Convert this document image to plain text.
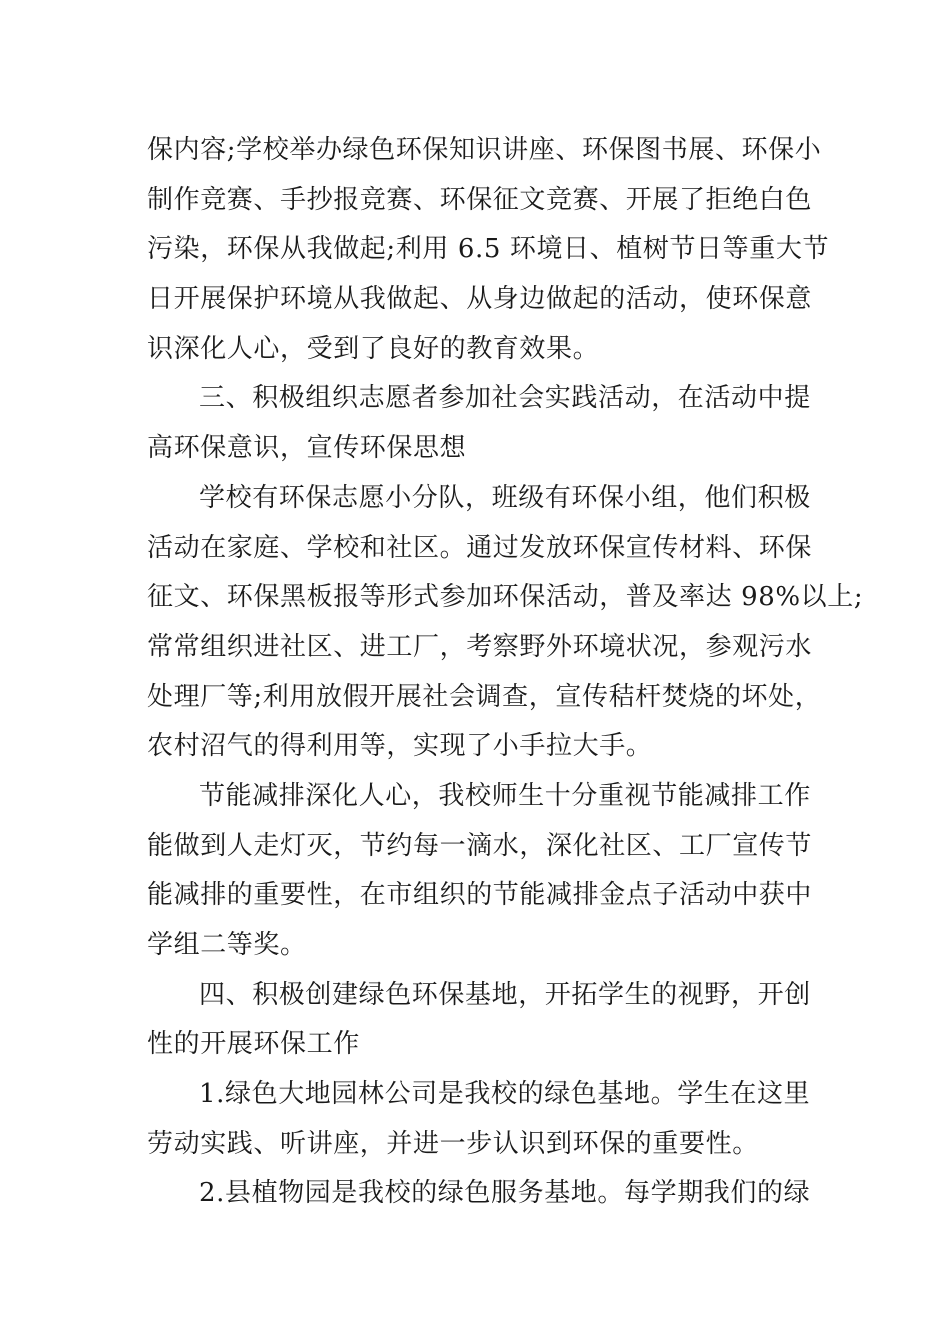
保内容;学校举办绿色环保知识讲座、环保图书展、环保小
制作竞赛、手抄报竞赛、环保征文竞赛、开展了拒绝白色
污染，环保从我做起;利用 6.5 环境日、植树节日等重大节
日开展保护环境从我做起、从身边做起的活动，使环保意
识深化人心，受到了良好的教育效果。
三、积极组织志愿者参加社会实践活动，在活动中提
高环保意识，宣传环保思想
学校有环保志愿小分队，班级有环保小组，他们积极
活动在家庭、学校和社区。通过发放环保宣传材料、环保
征文、环保黑板报等形式参加环保活动，普及率达 98%以上;
常常组织进社区、进工厂，考察野外环境状况，参观污水
处理厂等;利用放假开展社会调查，宣传秸杆焚烧的坏处，
农村沼气的得利用等，实现了小手拉大手。
节能减排深化人心，我校师生十分重视节能减排工作
能做到人走灯灭，节约每一滴水，深化社区、工厂宣传节
能减排的重要性，在市组织的节能减排金点子活动中获中
学组二等奖。
四、积极创建绿色环保基地，开拓学生的视野，开创
性的开展环保工作
1.绿色大地园林公司是我校的绿色基地。学生在这里
劳动实践、听讲座，并进一步认识到环保的重要性。
2.县植物园是我校的绿色服务基地。每学期我们的绿
